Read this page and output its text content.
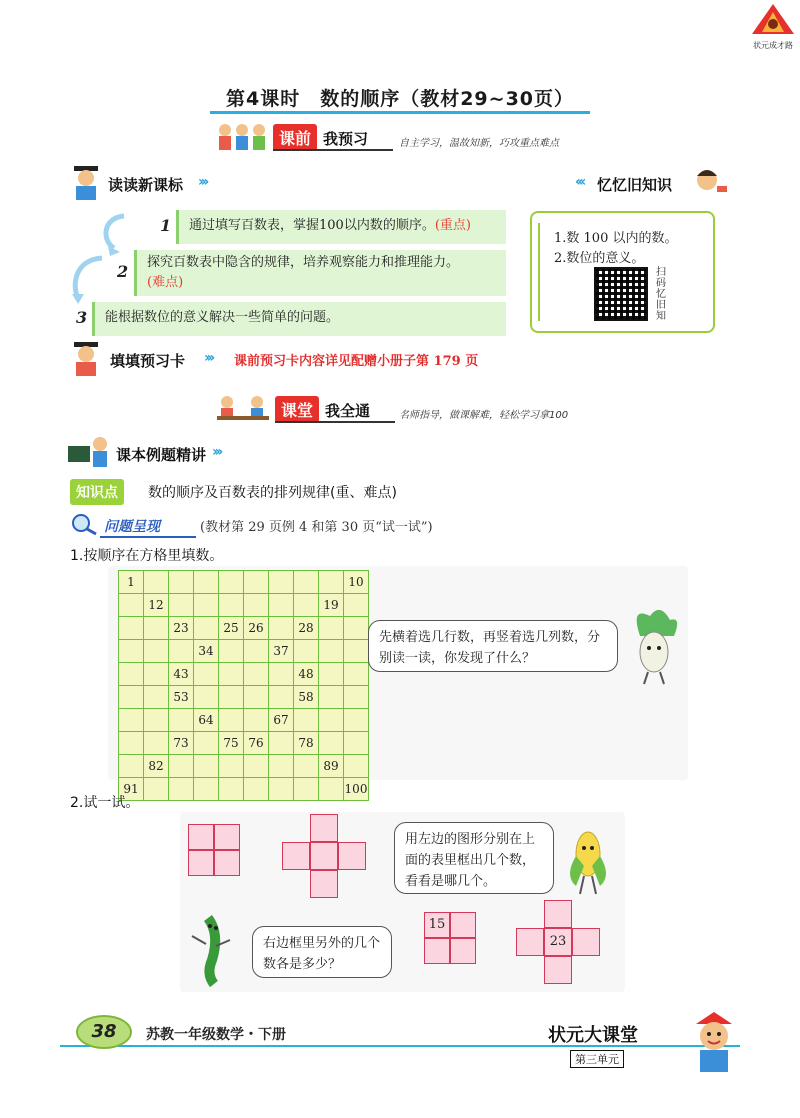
状元成才路
第4课时　数的顺序（教材29~30页）
课前 我预习	自主学习，温故知新，巧攻重点难点
读读新课标 ›››
1	通过填写百数表，掌握100以内数的顺序。(重点)
2	探究百数表中隐含的规律，培养观察能力和推理能力。
(难点)
3	能根据数位的意义解决一些简单的问题。
‹‹‹ 忆忆旧知识
1.数 100 以内的数。
2.数位的意义。
扫码忆旧知
填填预习卡 ››› 课前预习卡内容详见配赠小册子第 179 页
课堂 我全通	名师指导，做课解难，轻松学习拿100
课本例题精讲 ›››
知识点	数的顺序及百数表的排列规律(重、难点)
问题呈现	(教材第 29 页例 4 和第 30 页“试一试”)
1.按顺序在方格里填数。
1									10
	12							19	
		23		25	26		28		
			34			37			
		43					48		
		53					58		
			64			67			
		73		75	76		78		
	82							89	
91									100
先横着选几行数，再竖着选几列数，分别读一读，你发现了什么？
2.试一试。
用左边的图形分别在上面的表里框出几个数，看看是哪几个。
右边框里另外的几个数各是多少？
15
23
38	苏教一年级数学・下册	状元大课堂
第三单元
